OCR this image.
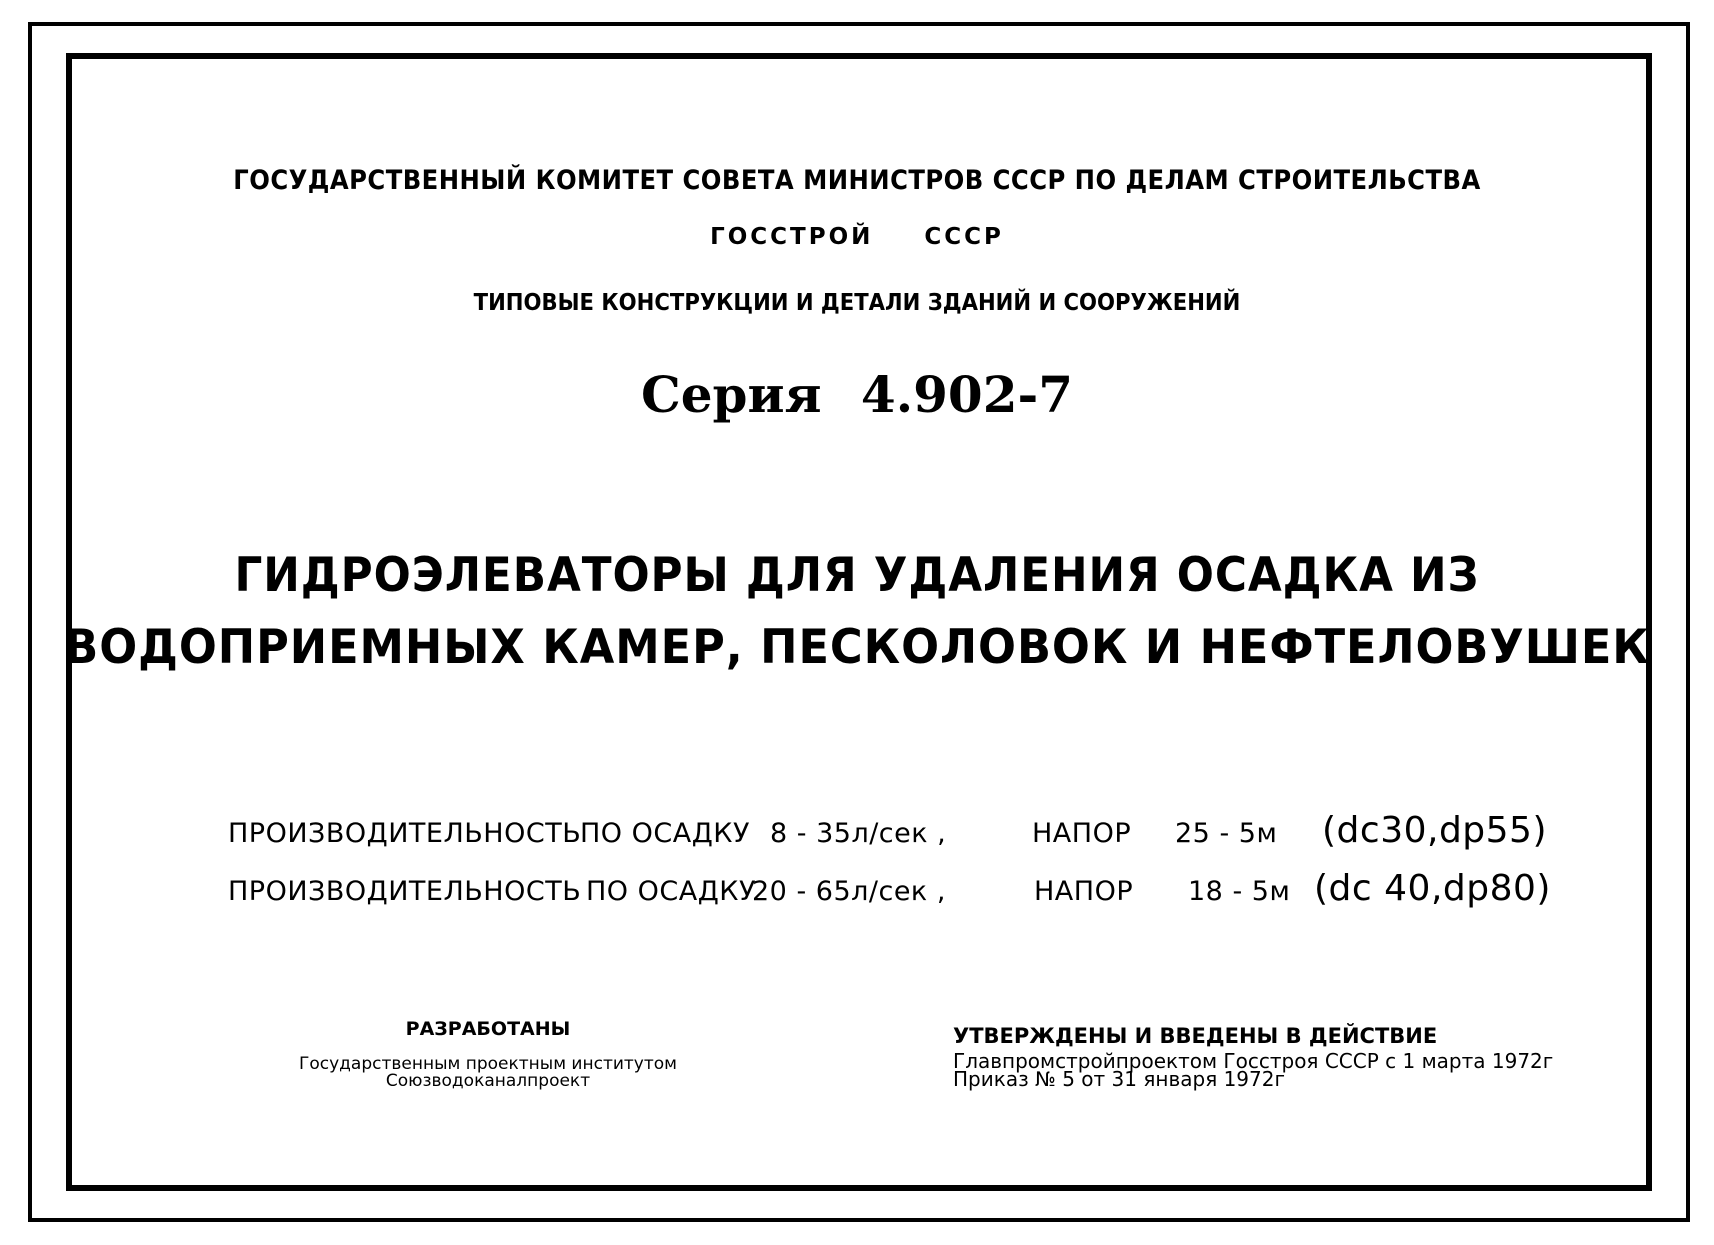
ГОСУДАРСТВЕННЫЙ КОМИТЕТ СОВЕТА МИНИСТРОВ СССР ПО ДЕЛАМ СТРОИТЕЛЬСТВА
ГОССТРОЙ СССР
ТИПОВЫЕ КОНСТРУКЦИИ И ДЕТАЛИ ЗДАНИЙ И СООРУЖЕНИЙ
Серия 4.902-7
ГИДРОЭЛЕВАТОРЫ ДЛЯ УДАЛЕНИЯ ОСАДКА ИЗ
ВОДОПРИЕМНЫХ КАМЕР, ПЕСКОЛОВОК И НЕФТЕЛОВУШЕК
ПРОИЗВОДИТЕЛЬНОСТЬ
ПО ОСАДКУ 8 - 35л/сек ,	НАПОР 25 - 5м (dc30,dp55)
ПРОИЗВОДИТЕЛЬНОСТЬ ПО ОСАДКУ
20 - 65л/сек ,	НАПОР 18 - 5м (dc 40,dp80)
РАЗРАБОТАНЫ
Государственным проектным институтом
Союзводоканалпроект
УТВЕРЖДЕНЫ И ВВЕДЕНЫ В ДЕЙСТВИЕ
Главпромстройпроектом Госстроя СССР с 1 марта 1972г
Приказ № 5 от 31 января 1972г
